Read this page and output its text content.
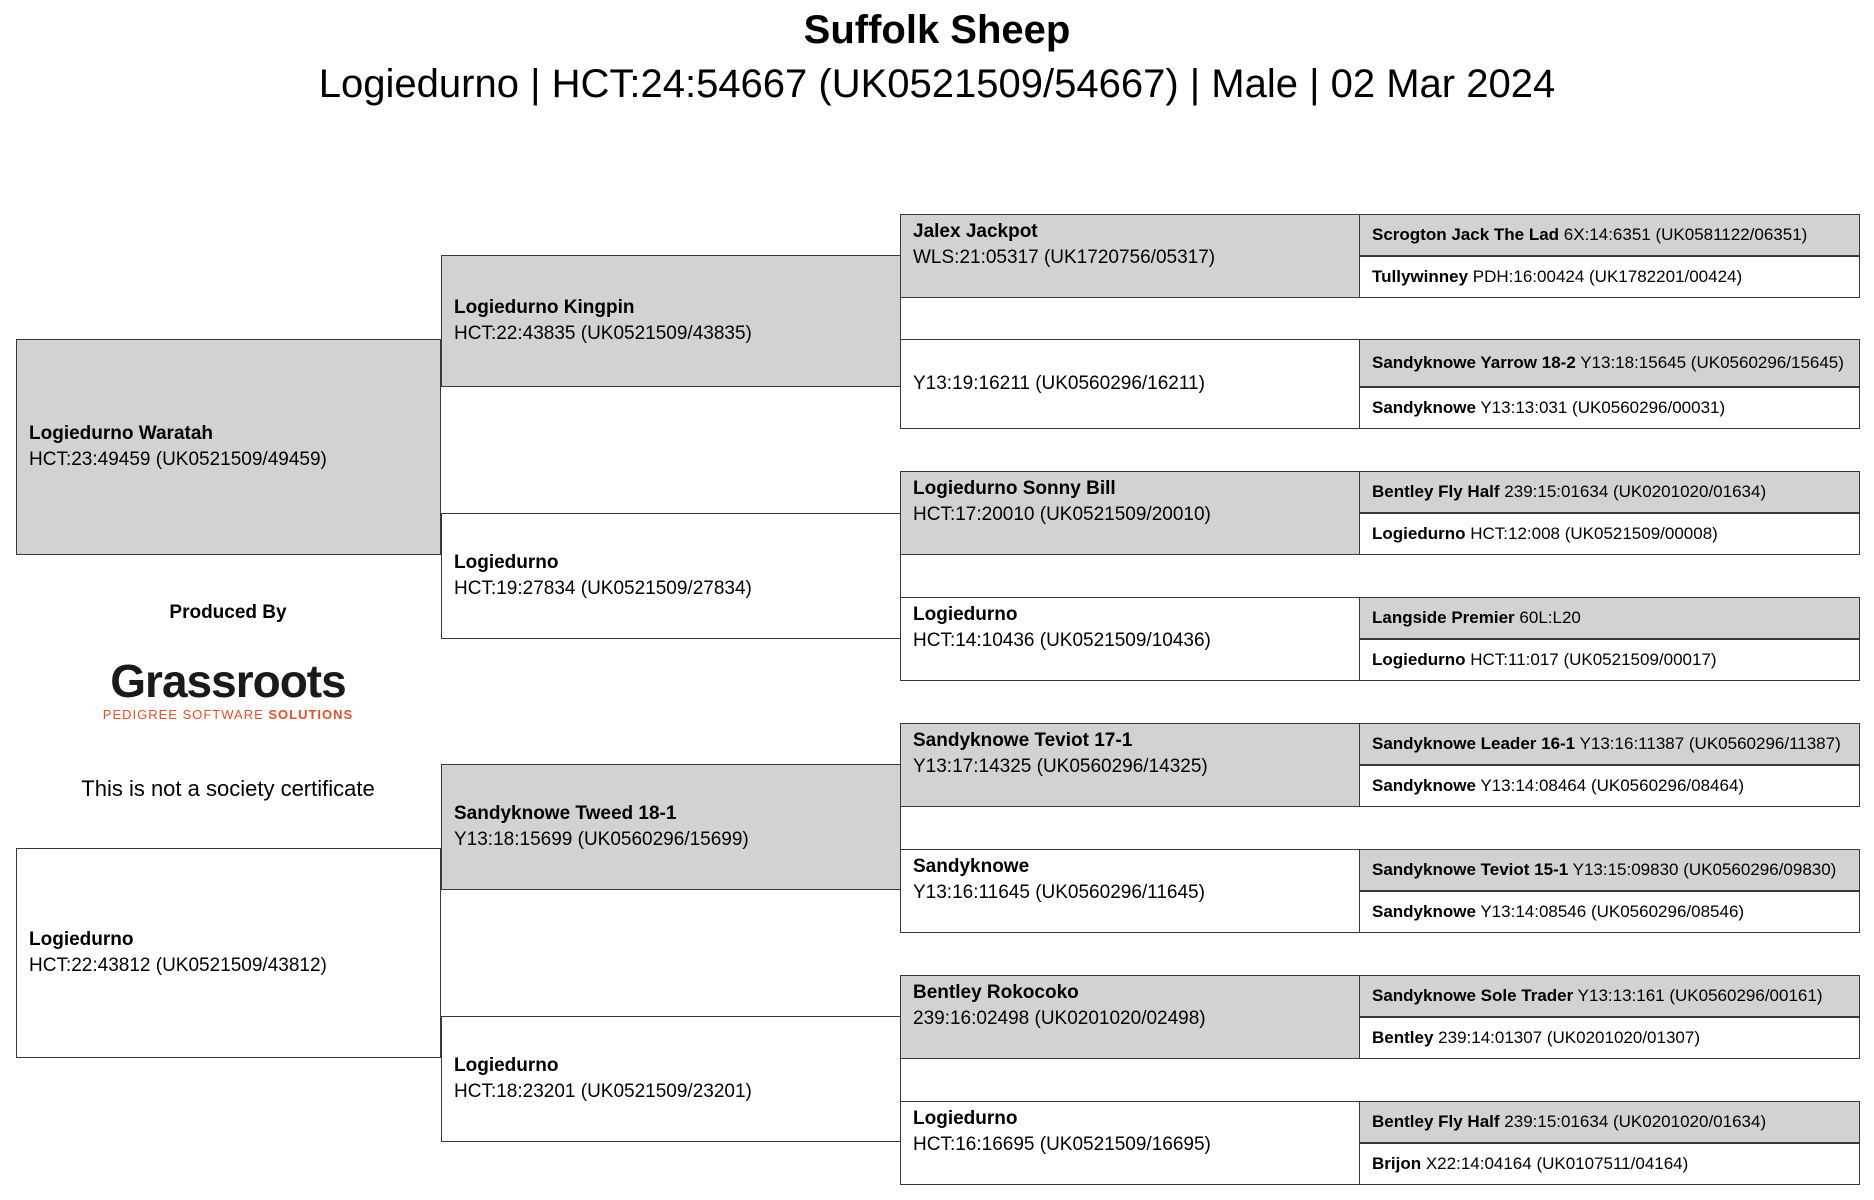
Suffolk Sheep
Logiedurno | HCT:24:54667 (UK0521509/54667) | Male | 02 Mar 2024
Logiedurno Waratah
HCT:23:49459 (UK0521509/49459)
Logiedurno
HCT:22:43812 (UK0521509/43812)
Produced By
Grassroots
PEDIGREE SOFTWARE SOLUTIONS
This is not a society certificate
Logiedurno Kingpin
HCT:22:43835 (UK0521509/43835)
Logiedurno
HCT:19:27834 (UK0521509/27834)
Sandyknowe Tweed 18-1
Y13:18:15699 (UK0560296/15699)
Logiedurno
HCT:18:23201 (UK0521509/23201)
Jalex Jackpot
WLS:21:05317 (UK1720756/05317)
Y13:19:16211 (UK0560296/16211)
Logiedurno Sonny Bill
HCT:17:20010 (UK0521509/20010)
Logiedurno
HCT:14:10436 (UK0521509/10436)
Sandyknowe Teviot 17-1
Y13:17:14325 (UK0560296/14325)
Sandyknowe
Y13:16:11645 (UK0560296/11645)
Bentley Rokocoko
239:16:02498 (UK0201020/02498)
Logiedurno
HCT:16:16695 (UK0521509/16695)
Scrogton Jack The Lad 6X:14:6351 (UK0581122/06351)
Tullywinney PDH:16:00424 (UK1782201/00424)
Sandyknowe Yarrow 18-2 Y13:18:15645 (UK0560296/15645)
Sandyknowe Y13:13:031 (UK0560296/00031)
Bentley Fly Half 239:15:01634 (UK0201020/01634)
Logiedurno HCT:12:008 (UK0521509/00008)
Langside Premier 60L:L20
Logiedurno HCT:11:017 (UK0521509/00017)
Sandyknowe Leader 16-1 Y13:16:11387 (UK0560296/11387)
Sandyknowe Y13:14:08464 (UK0560296/08464)
Sandyknowe Teviot 15-1 Y13:15:09830 (UK0560296/09830)
Sandyknowe Y13:14:08546 (UK0560296/08546)
Sandyknowe Sole Trader Y13:13:161 (UK0560296/00161)
Bentley 239:14:01307 (UK0201020/01307)
Bentley Fly Half 239:15:01634 (UK0201020/01634)
Brijon X22:14:04164 (UK0107511/04164)
